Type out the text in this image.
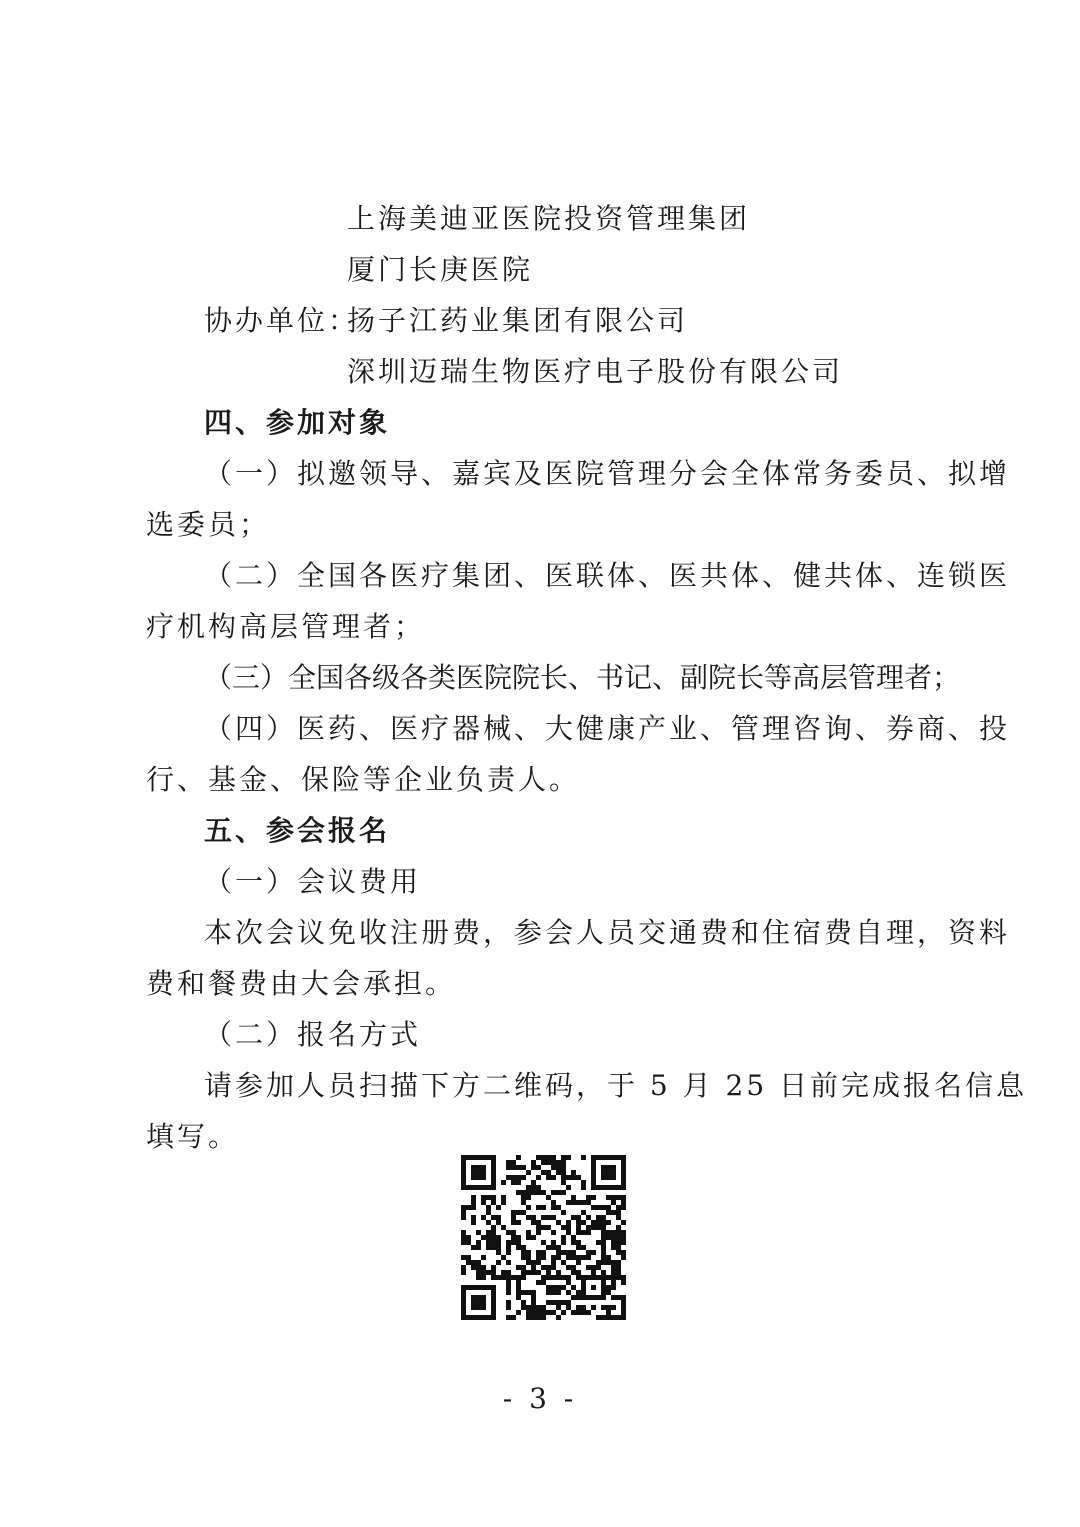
上海美迪亚医院投资管理集团
厦门长庚医院
协办单位：
扬子江药业集团有限公司
深圳迈瑞生物医疗电子股份有限公司
四、参加对象
（一）拟邀领导、嘉宾及医院管理分会全体常务委员、拟增
选委员；
（二）全国各医疗集团、医联体、医共体、健共体、连锁医
疗机构高层管理者；
（三）全国各级各类医院院长、书记、副院长等高层管理者；
（四）医药、医疗器械、大健康产业、管理咨询、券商、投
行、基金、保险等企业负责人。
五、参会报名
（一）会议费用
本次会议免收注册费，参会人员交通费和住宿费自理，资料
费和餐费由大会承担。
（二）报名方式
请参加人员扫描下方二维码，于 5 月 25 日前完成报名信息
填写。
- 3 -
